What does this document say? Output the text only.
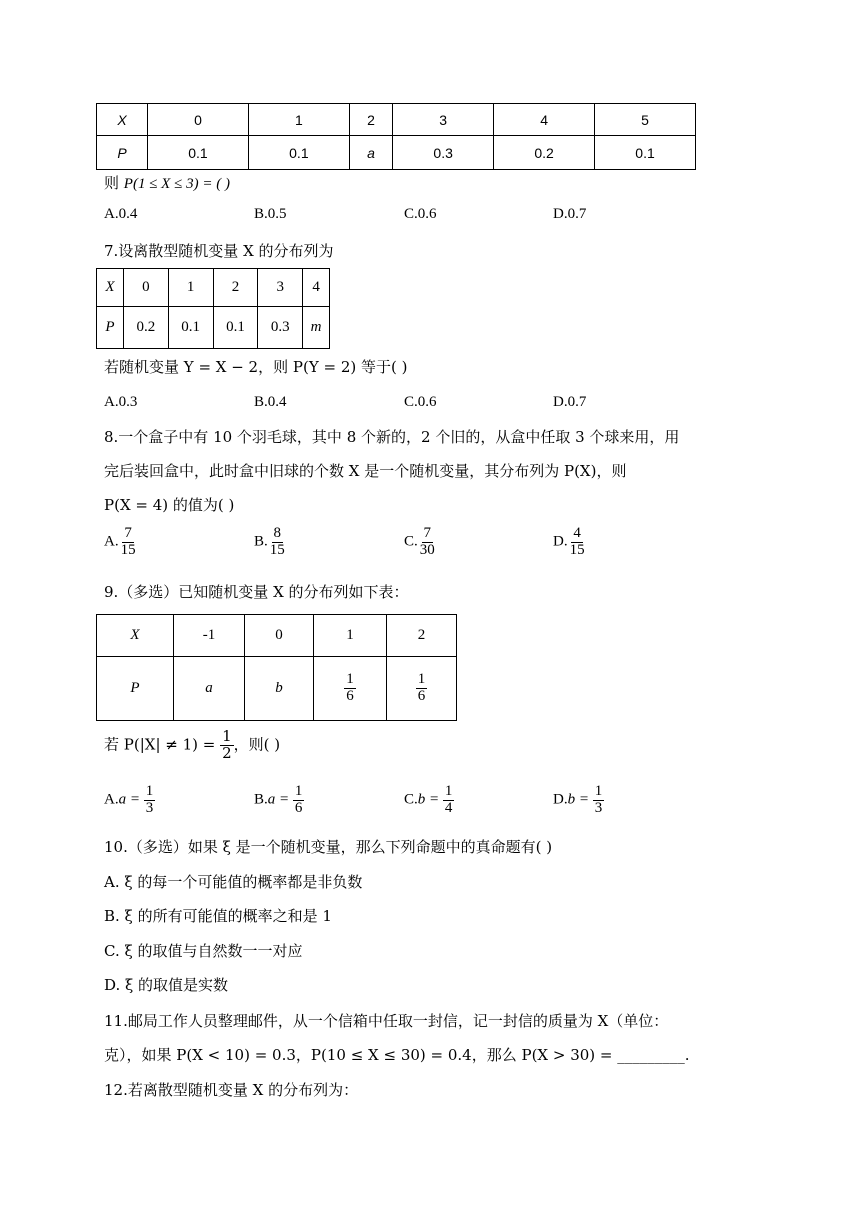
X	0	1	2	3	4	5
P	0.1	0.1	a	0.3	0.2	0.1
则 P(1 ≤ X ≤ 3) = ( )
A.0.4	B.0.5	C.0.6	D.0.7
7.设离散型随机变量 X 的分布列为
X	0	1	2	3	4
P	0.2	0.1	0.1	0.3	m
若随机变量 Y = X − 2，则 P(Y = 2) 等于( )
A.0.3	B.0.4	C.0.6	D.0.7
8.一个盒子中有 10 个羽毛球，其中 8 个新的，2 个旧的，从盒中任取 3 个球来用，用
完后装回盒中，此时盒中旧球的个数 X 是一个随机变量，其分布列为 P(X)，则
P(X = 4) 的值为( )
A. $\frac{7}{15}$	B. $\frac{8}{15}$	C. $\frac{7}{30}$	D. $\frac{4}{15}$
9.（多选）已知随机变量 X 的分布列如下表：
X	-1	0	1	2
P	a	b	$\frac{1}{6}$	$\frac{1}{6}$
若 $P(|X| \ne 1) = \frac{1}{2}$ ，则( )
$A.a = \frac{1}{3}$	$B.a = \frac{1}{6}$	$C.b = \frac{1}{4}$	$D.b = \frac{1}{3}$
10.（多选）如果 ξ 是一个随机变量，那么下列命题中的真命题有( )
A. ξ 的每一个可能值的概率都是非负数
B. ξ 的所有可能值的概率之和是 1
C. ξ 的取值与自然数一一对应
D. ξ 的取值是实数
11.邮局工作人员整理邮件，从一个信箱中任取一封信，记一封信的质量为 X（单位：
克），如果 P(X < 10) = 0.3，P(10 ≤ X ≤ 30) = 0.4，那么 P(X > 30) = _________.
12.若离散型随机变量 X 的分布列为：
